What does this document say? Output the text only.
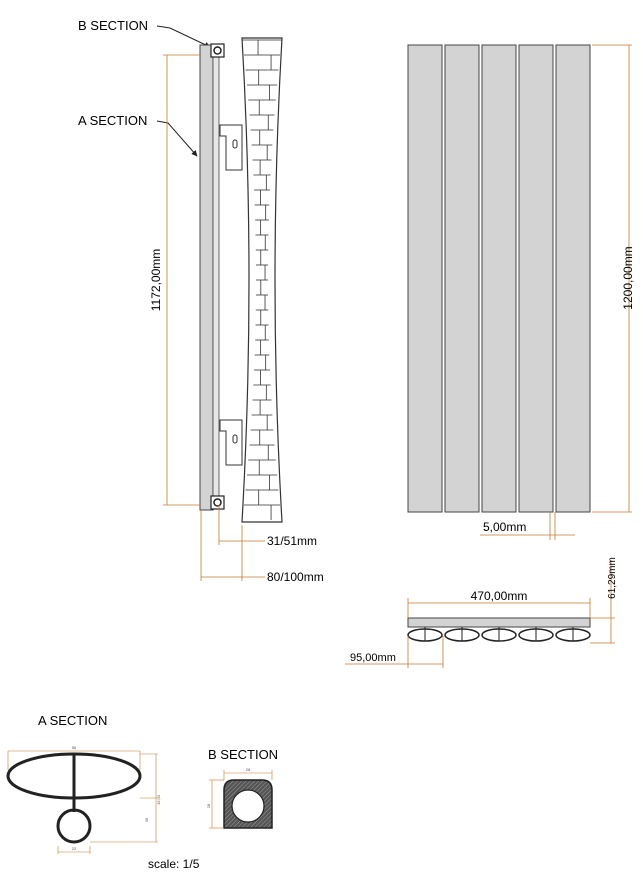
B SECTION
A SECTION
1172,00mm
31/51mm
80/100mm
1200,00mm
5,00mm
470,00mm	61,29mm
95,00mm
A SECTION
56
19,03
36
22
B SECTION
28
28
scale: 1/5
